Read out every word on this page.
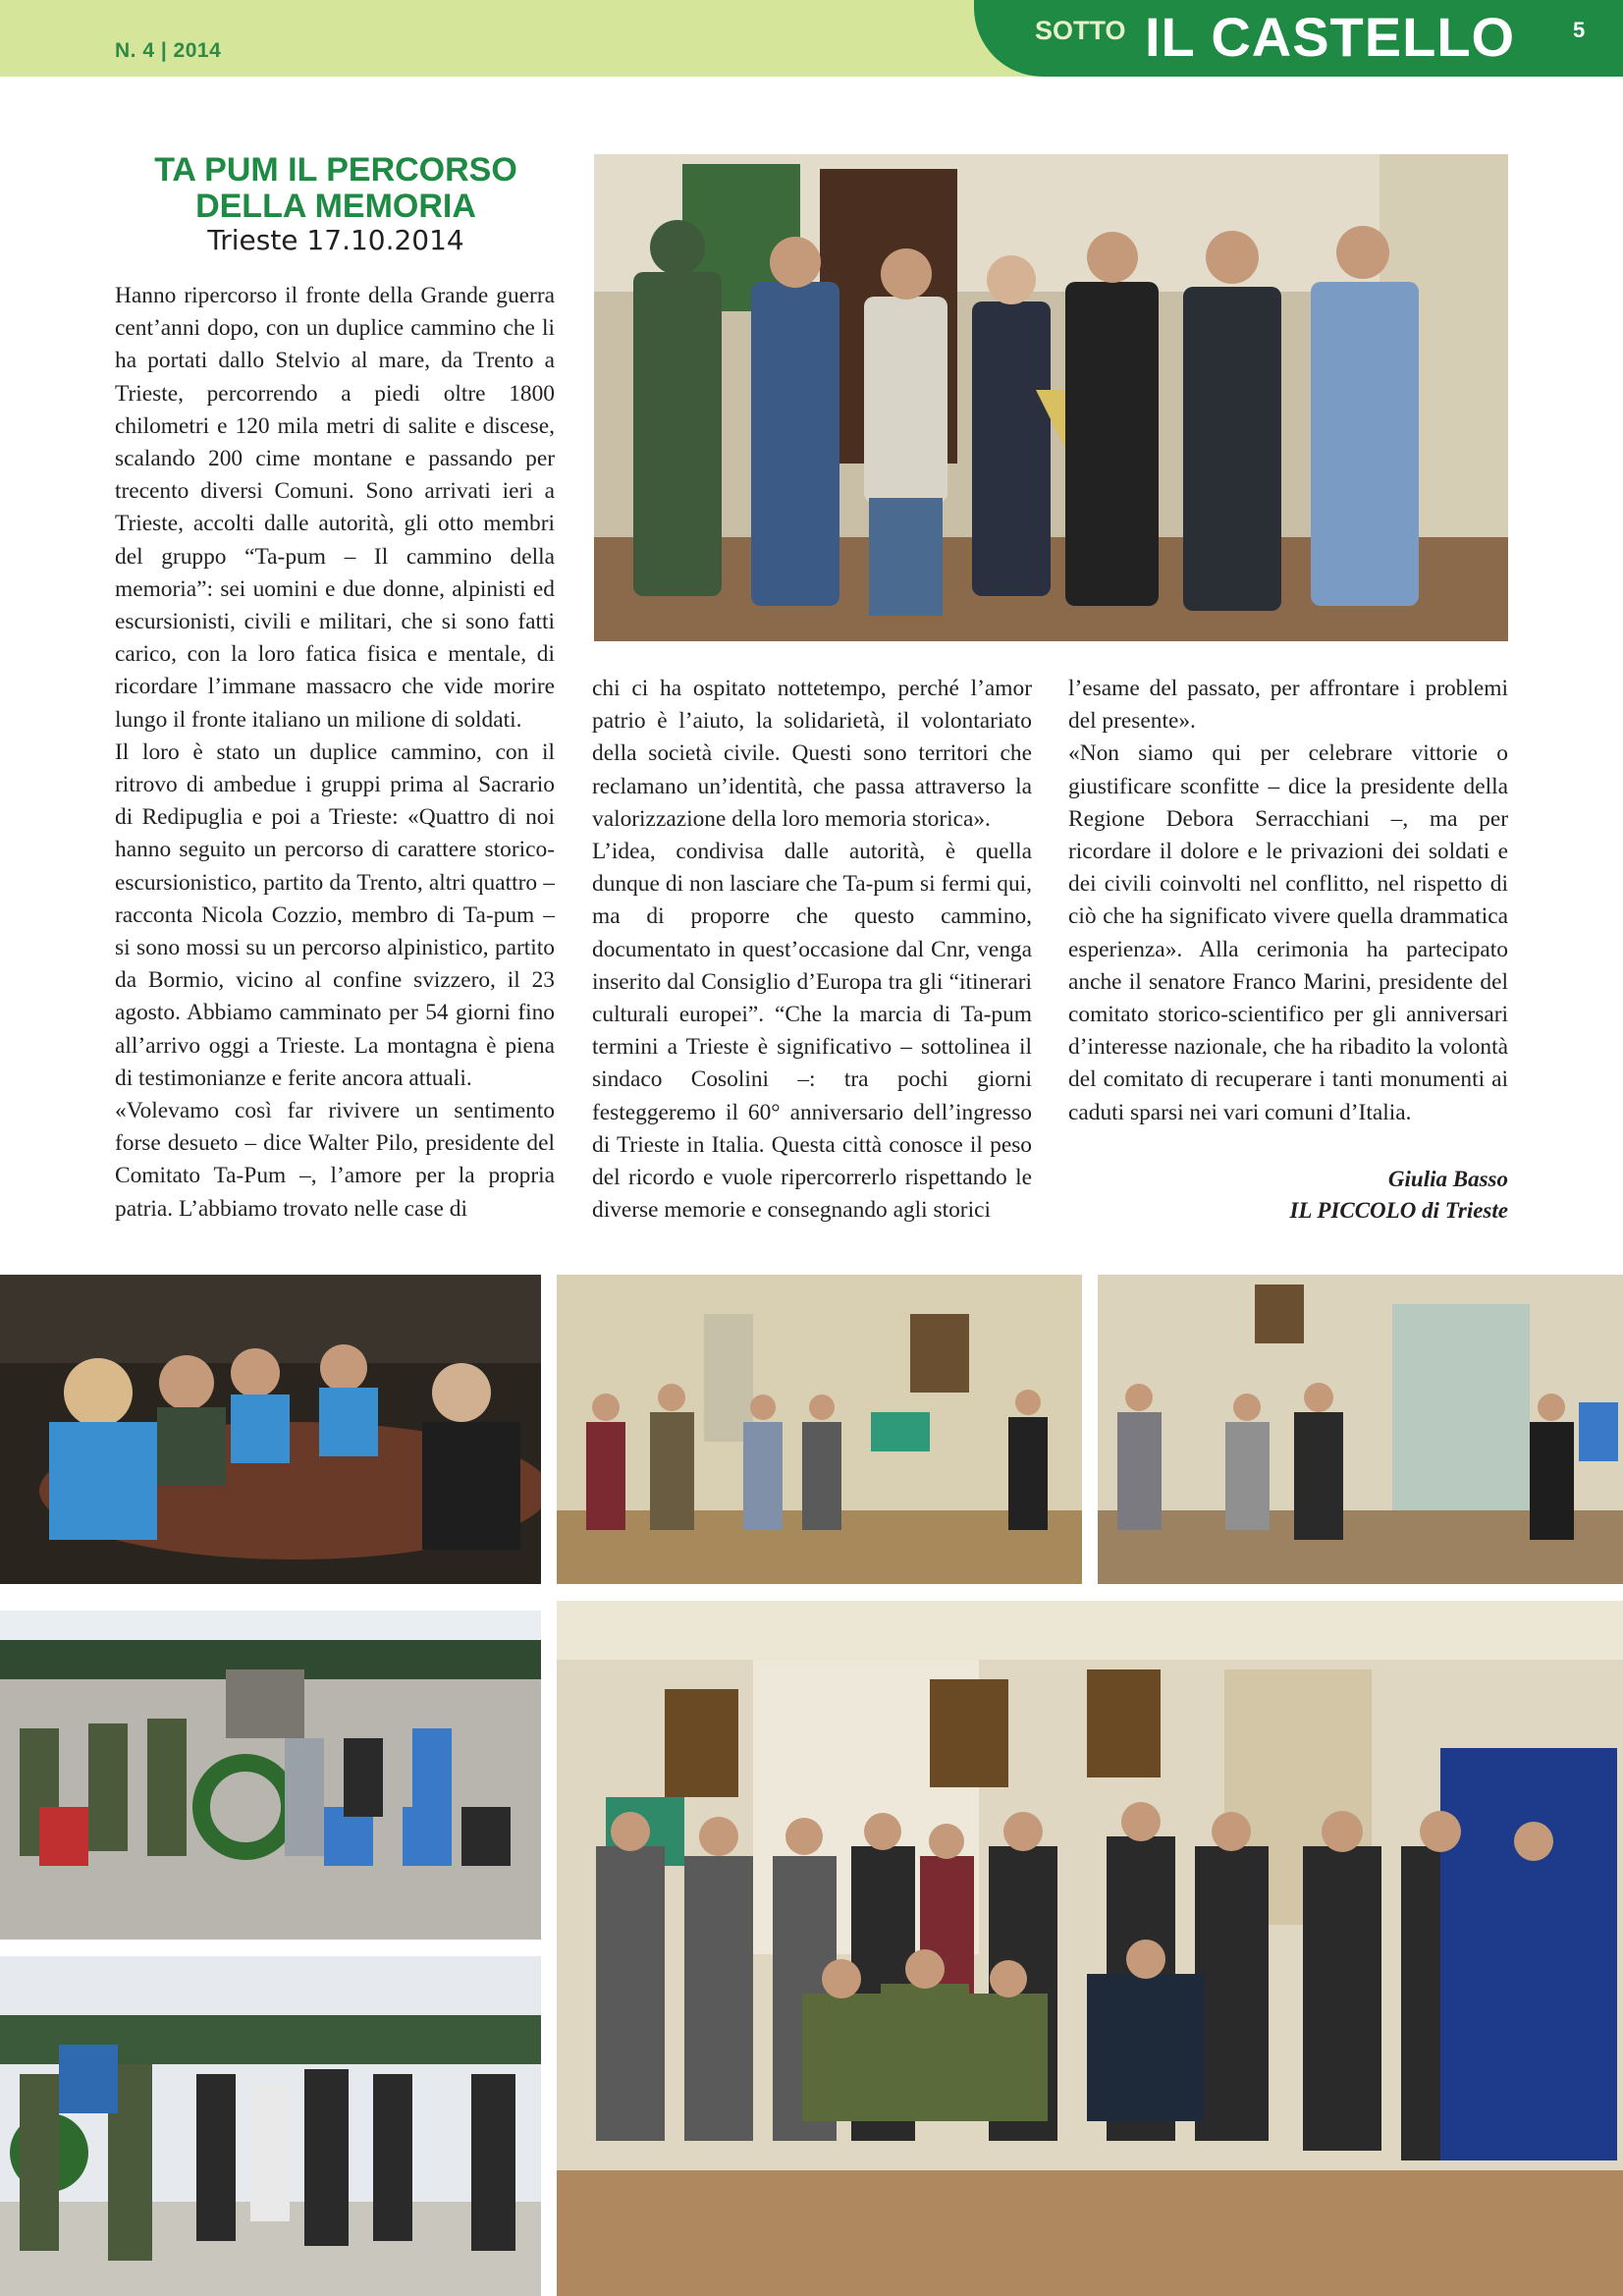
N. 4 | 2014
SOTTO IL CASTELLO	5
TA PUM IL PERCORSO
DELLA MEMORIA
Trieste 17.10.2014

Hanno ripercorso il fronte della Grande guerra cent’anni dopo, con un duplice cammino che li ha portati dallo Stelvio al mare, da Trento a Trieste, percorrendo a piedi oltre 1800 chilometri e 120 mila metri di salite e discese, scalando 200 cime montane e passando per trecento diversi Comuni. Sono arrivati ieri a Trieste, accolti dalle autorità, gli otto membri del gruppo “Ta-pum – Il cammino della memoria”: sei uomini e due donne, alpinisti ed escursionisti, civili e militari, che si sono fatti carico, con la loro fatica fisica e mentale, di ricordare l’immane massacro che vide morire lungo il fronte italiano un milione di soldati.

Il loro è stato un duplice cammino, con il ritrovo di ambedue i gruppi prima al Sacrario di Redipuglia e poi a Trieste: «Quattro di noi hanno seguito un percorso di carattere storico-escursionistico, partito da Trento, altri quattro – racconta Nicola Cozzio, membro di Ta-pum – si sono mossi su un percorso alpinistico, partito da Bormio, vicino al confine svizzero, il 23 agosto. Abbiamo camminato per 54 giorni fino all’arrivo oggi a Trieste. La montagna è piena di testimonianze e ferite ancora attuali.

«Volevamo così far rivivere un sentimento forse desueto – dice Walter Pilo, presidente del Comitato Ta-Pum –, l’amore per la propria patria. L’abbiamo trovato nelle case di

chi ci ha ospitato nottetempo, perché l’amor patrio è l’aiuto, la solidarietà, il volontariato della società civile. Questi sono territori che reclamano un’identità, che passa attraverso la valorizzazione della loro memoria storica».

L’idea, condivisa dalle autorità, è quella dunque di non lasciare che Ta-pum si fermi qui, ma di proporre che questo cammino, documentato in quest’occasione dal Cnr, venga inserito dal Consiglio d’Europa tra gli “itinerari culturali europei”. “Che la marcia di Ta-pum termini a Trieste è significativo – sottolinea il sindaco Cosolini –: tra pochi giorni festeggeremo il 60° anniversario dell’ingresso di Trieste in Italia. Questa città conosce il peso del ricordo e vuole ripercorrerlo rispettando le diverse memorie e consegnando agli storici

l’esame del passato, per affrontare i problemi del presente».

«Non siamo qui per celebrare vittorie o giustificare sconfitte – dice la presidente della Regione Debora Serracchiani –, ma per ricordare il dolore e le privazioni dei soldati e dei civili coinvolti nel conflitto, nel rispetto di ciò che ha significato vivere quella drammatica esperienza». Alla cerimonia ha partecipato anche il senatore Franco Marini, presidente del comitato storico-scientifico per gli anniversari d’interesse nazionale, che ha ribadito la volontà del comitato di recuperare i tanti monumenti ai caduti sparsi nei vari comuni d’Italia.

Giulia Basso
IL PICCOLO di Trieste
